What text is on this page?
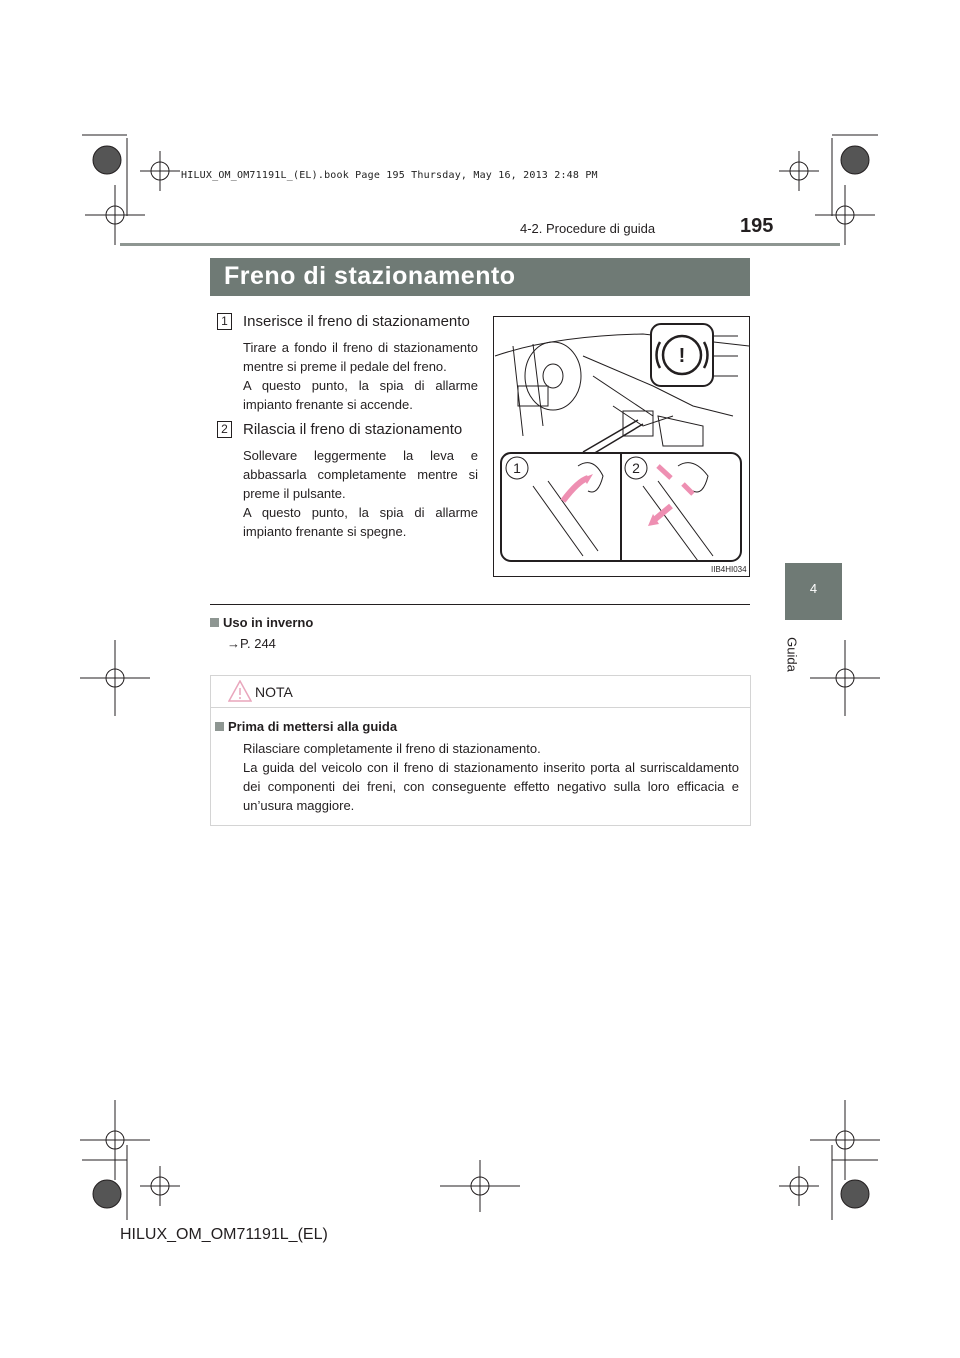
HILUX_OM_OM71191L_(EL).book Page 195 Thursday, May 16, 2013 2:48 PM
4-2. Procedure di guida	195
Freno di stazionamento
4
Guida
1 Inserisce il freno di stazionamento
Tirare a fondo il freno di stazionamento mentre si preme il pedale del freno.
A questo punto, la spia di allarme impianto frenante si accende.
2 Rilascia il freno di stazionamento
Sollevare leggermente la leva e abbassarla completamente mentre si preme il pulsante.
A questo punto, la spia di allarme impianto frenante si spegne.
!
1	2
IIB4HI034
Uso in inverno
→P. 244
NOTA
Prima di mettersi alla guida
Rilasciare completamente il freno di stazionamento.
La guida del veicolo con il freno di stazionamento inserito porta al surriscaldamento dei componenti dei freni, con conseguente effetto negativo sulla loro efficacia e un’usura maggiore.
HILUX_OM_OM71191L_(EL)
